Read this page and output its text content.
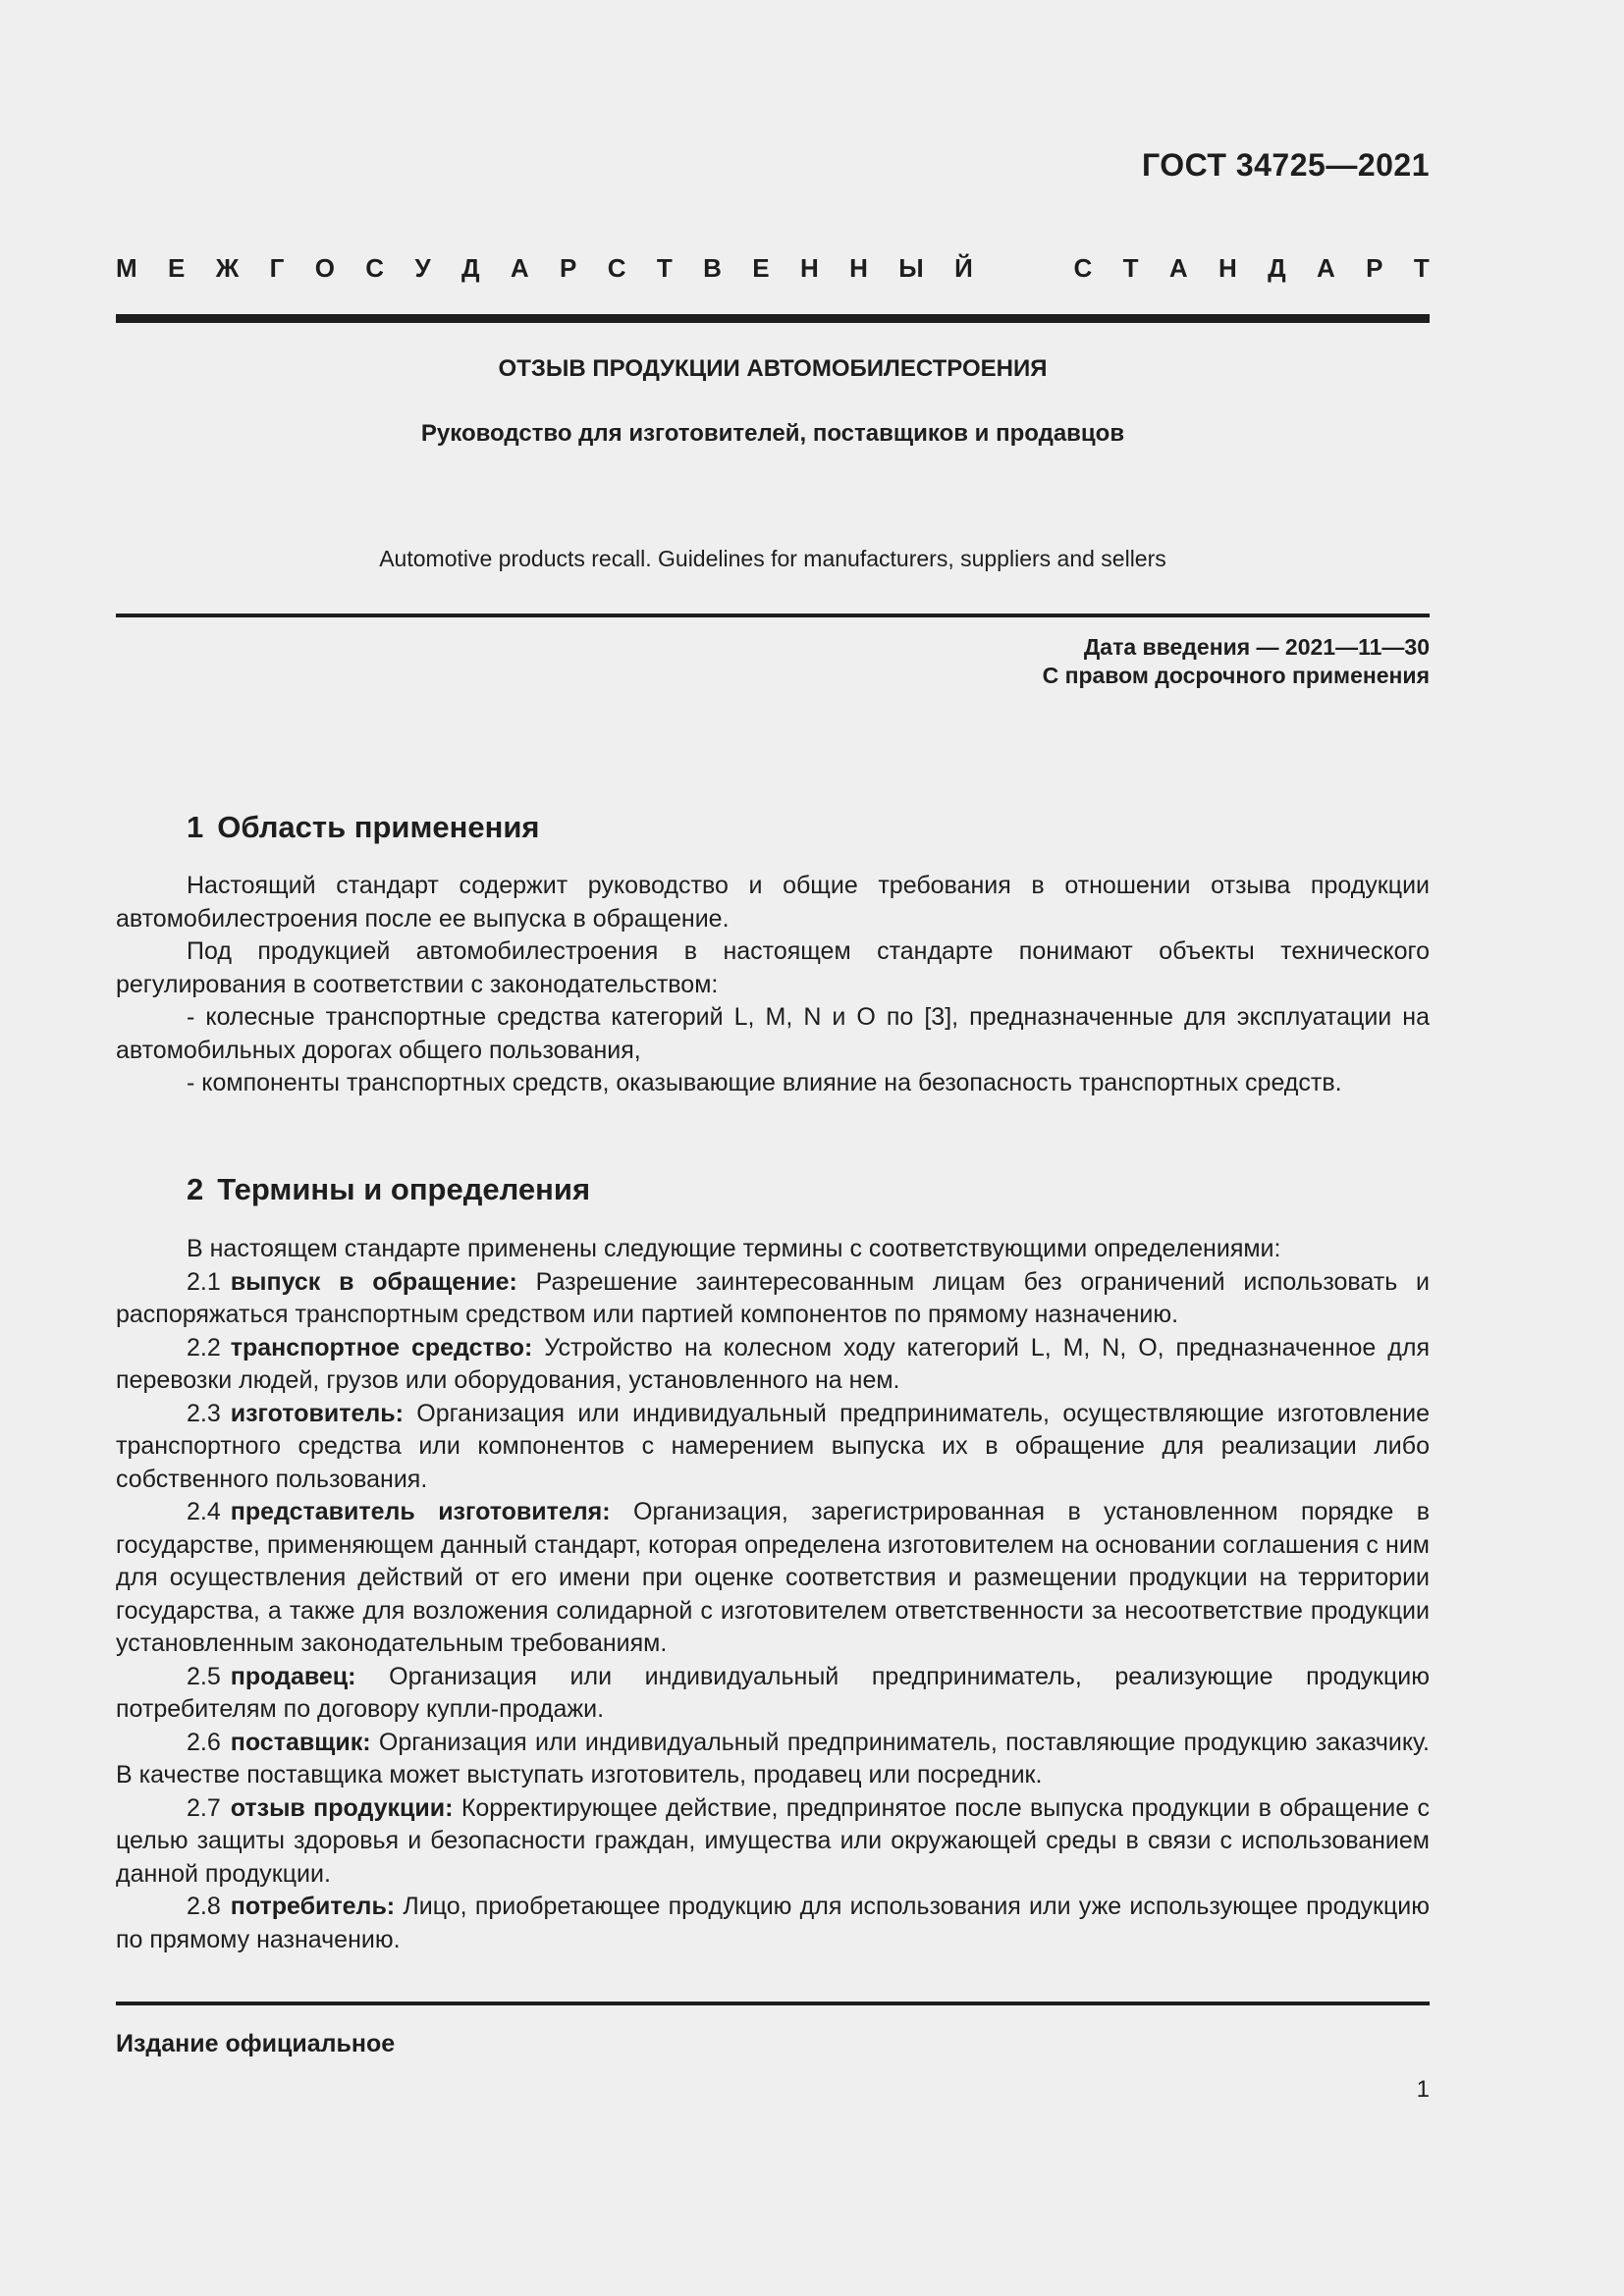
ГОСТ 34725—2021
М Е Ж Г О С У Д А Р С Т В Е Н Н Ы Й	С Т А Н Д А Р Т
ОТЗЫВ ПРОДУКЦИИ АВТОМОБИЛЕСТРОЕНИЯ
Руководство для изготовителей, поставщиков и продавцов
Automotive products recall. Guidelines for manufacturers, suppliers and sellers
Дата введения — 2021—11—30
С правом досрочного применения
1 Область применения

Настоящий стандарт содержит руководство и общие требования в отношении отзыва продукции автомобилестроения после ее выпуска в обращение.

Под продукцией автомобилестроения в настоящем стандарте понимают объекты технического регулирования в соответствии с законодательством:

- колесные транспортные средства категорий L, M, N и О по [3], предназначенные для эксплуатации на автомобильных дорогах общего пользования,

- компоненты транспортных средств, оказывающие влияние на безопасность транспортных средств.

2 Термины и определения

В настоящем стандарте применены следующие термины с соответствующими определениями:

2.1 выпуск в обращение: Разрешение заинтересованным лицам без ограничений использовать и распоряжаться транспортным средством или партией компонентов по прямому назначению.

2.2 транспортное средство: Устройство на колесном ходу категорий L, M, N, O, предназначенное для перевозки людей, грузов или оборудования, установленного на нем.

2.3 изготовитель: Организация или индивидуальный предприниматель, осуществляющие изготовление транспортного средства или компонентов с намерением выпуска их в обращение для реализации либо собственного пользования.

2.4 представитель изготовителя: Организация, зарегистрированная в установленном порядке в государстве, применяющем данный стандарт, которая определена изготовителем на основании соглашения с ним для осуществления действий от его имени при оценке соответствия и размещении продукции на территории государства, а также для возложения солидарной с изготовителем ответственности за несоответствие продукции установленным законодательным требованиям.

2.5 продавец: Организация или индивидуальный предприниматель, реализующие продукцию потребителям по договору купли-продажи.

2.6 поставщик: Организация или индивидуальный предприниматель, поставляющие продукцию заказчику. В качестве поставщика может выступать изготовитель, продавец или посредник.

2.7 отзыв продукции: Корректирующее действие, предпринятое после выпуска продукции в обращение с целью защиты здоровья и безопасности граждан, имущества или окружающей среды в связи с использованием данной продукции.

2.8 потребитель: Лицо, приобретающее продукцию для использования или уже использующее продукцию по прямому назначению.

Издание официальное
1
